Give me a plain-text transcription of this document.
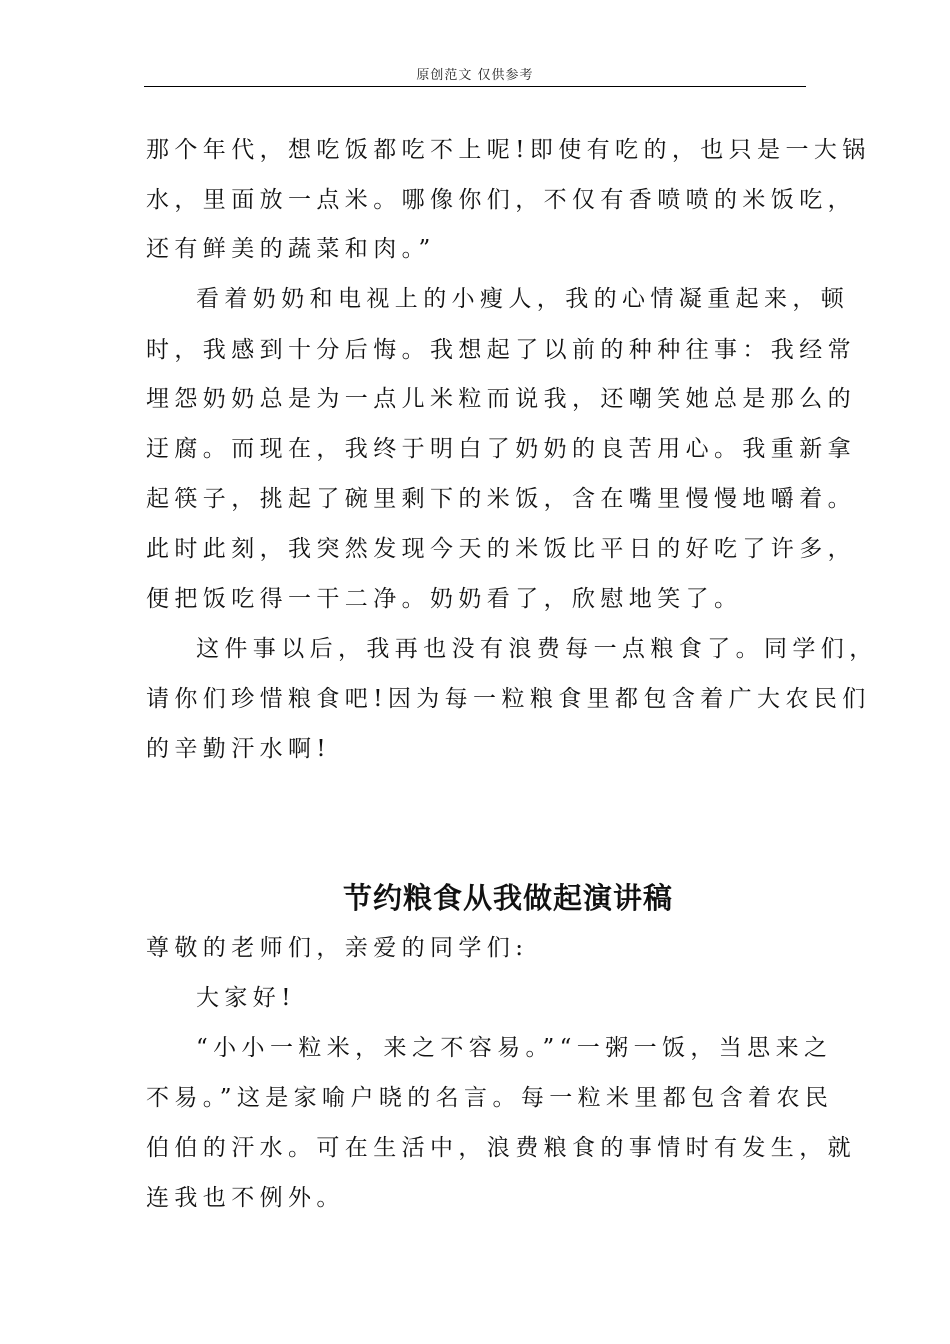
原创范文 仅供参考
那个年代，想吃饭都吃不上呢!即使有吃的，也只是一大锅
水，里面放一点米。哪像你们，不仅有香喷喷的米饭吃，
还有鲜美的蔬菜和肉。”
看着奶奶和电视上的小瘦人，我的心情凝重起来，顿
时，我感到十分后悔。我想起了以前的种种往事：我经常
埋怨奶奶总是为一点儿米粒而说我，还嘲笑她总是那么的
迂腐。而现在，我终于明白了奶奶的良苦用心。我重新拿
起筷子，挑起了碗里剩下的米饭，含在嘴里慢慢地嚼着。
此时此刻，我突然发现今天的米饭比平日的好吃了许多，
便把饭吃得一干二净。奶奶看了，欣慰地笑了。
这件事以后，我再也没有浪费每一点粮食了。同学们，
请你们珍惜粮食吧!因为每一粒粮食里都包含着广大农民们
的辛勤汗水啊!
节约粮食从我做起演讲稿
尊敬的老师们，亲爱的同学们:
大家好!
“小小一粒米，来之不容易。”“一粥一饭，当思来之
不易。”这是家喻户晓的名言。每一粒米里都包含着农民
伯伯的汗水。可在生活中，浪费粮食的事情时有发生，就
连我也不例外。
